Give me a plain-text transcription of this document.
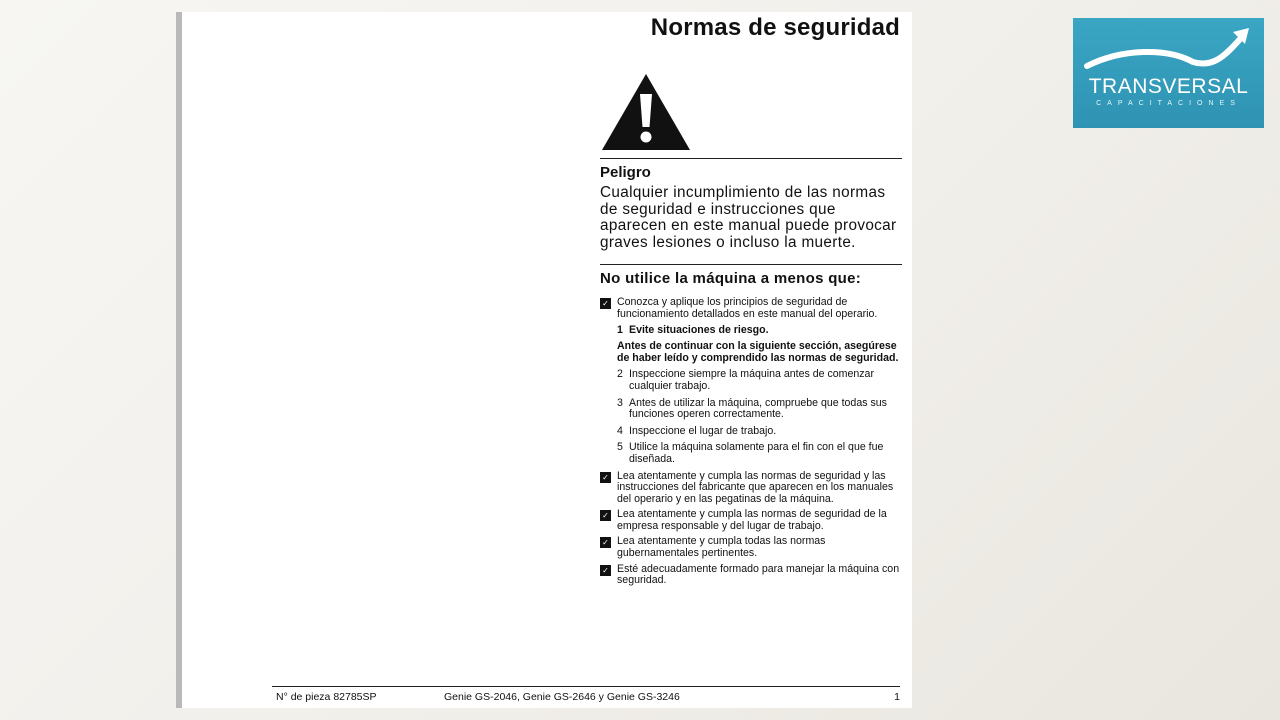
Normas de seguridad
Peligro

Cualquier incumplimiento de las normas de seguridad e instrucciones que aparecen en este manual puede provocar graves lesiones o incluso la muerte.

No utilice la máquina a menos que:
✓ Conozca y aplique los principios de seguridad de funcionamiento detallados en este manual del operario.
1 Evite situaciones de riesgo.
Antes de continuar con la siguiente sección, asegúrese de haber leído y comprendido las normas de seguridad.
2 Inspeccione siempre la máquina antes de comenzar cualquier trabajo.
3 Antes de utilizar la máquina, compruebe que todas sus funciones operen correctamente.
4 Inspeccione el lugar de trabajo.
5 Utilice la máquina solamente para el fin con el que fue diseñada.
✓ Lea atentamente y cumpla las normas de seguridad y las instrucciones del fabricante que aparecen en los manuales del operario y en las pegatinas de la máquina.
✓ Lea atentamente y cumpla las normas de seguridad de la empresa responsable y del lugar de trabajo.
✓ Lea atentamente y cumpla todas las normas gubernamentales pertinentes.
✓ Esté adecuadamente formado para manejar la máquina con seguridad.
N° de pieza 82785SP	Genie GS-2046, Genie GS-2646 y Genie GS-3246	1
TRANSVERSAL
CAPACITACIONES
